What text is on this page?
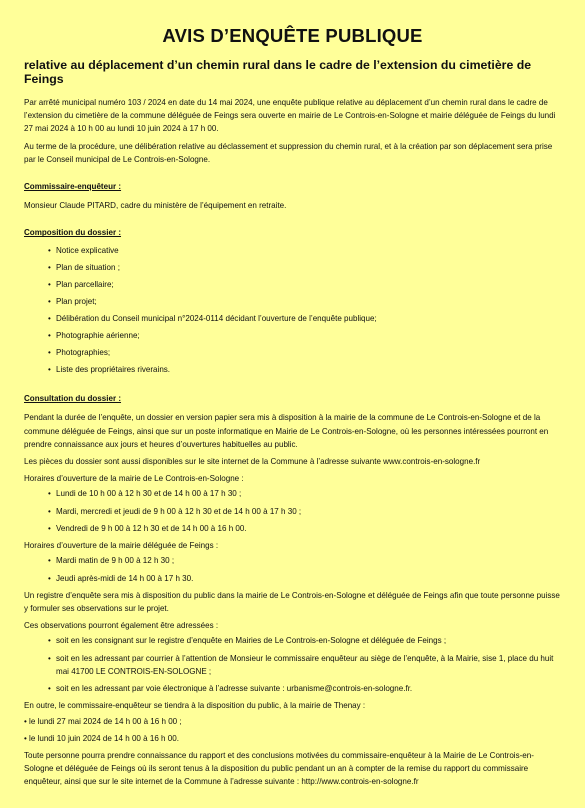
AVIS D’ENQUÊTE PUBLIQUE
relative au déplacement d’un chemin rural dans le cadre de l’extension du cimetière de Feings

Par arrêté municipal numéro 103 / 2024 en date du 14 mai 2024, une enquête publique relative au déplacement d’un chemin rural dans le cadre de l’extension du cimetière de la commune déléguée de Feings sera ouverte en mairie de Le Controis-en-Sologne et mairie déléguée de Feings du lundi 27 mai 2024 à 10 h 00 au lundi 10 juin 2024 à 17 h 00.

Au terme de la procédure, une délibération relative au déclassement et suppression du chemin rural, et à la création par son déplacement sera prise par le Conseil municipal de Le Controis-en-Sologne.

Commissaire-enquêteur :

Monsieur Claude PITARD, cadre du ministère de l’équipement en retraite.

Composition du dossier :
• Notice explicative
• Plan de situation ;
• Plan parcellaire;
• Plan projet;
• Délibération du Conseil municipal n°2024-0114 décidant l’ouverture de l’enquête publique;
• Photographie aérienne;
• Photographies;
• Liste des propriétaires riverains.
Consultation du dossier :

Pendant la durée de l’enquête, un dossier en version papier sera mis à disposition à la mairie de la commune de Le Controis-en-Sologne et de la commune déléguée de Feings, ainsi que sur un poste informatique en Mairie de Le Controis-en-Sologne, où les personnes intéressées pourront en prendre connaissance aux jours et heures d’ouvertures habituelles au public.

Les pièces du dossier sont aussi disponibles sur le site internet de la Commune à l’adresse suivante www.controis-en-sologne.fr

Horaires d’ouverture de la mairie de Le Controis-en-Sologne :

• Lundi de 10 h 00 à 12 h 30 et de 14 h 00 à 17 h 30 ;
• Mardi, mercredi et jeudi de 9 h 00 à 12 h 30 et de 14 h 00 à 17 h 30 ;
• Vendredi de 9 h 00 à 12 h 30 et de 14 h 00 à 16 h 00.

Horaires d’ouverture de la mairie déléguée de Feings :

• Mardi matin de 9 h 00 à 12 h 30 ;
• Jeudi après-midi de 14 h 00 à 17 h 30.

Un registre d’enquête sera mis à disposition du public dans la mairie de Le Controis-en-Sologne et déléguée de Feings afin que toute personne puisse y formuler ses observations sur le projet.

Ces observations pourront également être adressées :

• soit en les consignant sur le registre d’enquête en Mairies de Le Controis-en-Sologne et déléguée de Feings ;
• soit en les adressant par courrier à l’attention de Monsieur le commissaire enquêteur au siège de l’enquête, à la Mairie, sise 1, place du huit mai 41700 LE CONTROIS-EN-SOLOGNE ;
• soit en les adressant par voie électronique à l’adresse suivante : urbanisme@controis-en-sologne.fr.

En outre, le commissaire-enquêteur se tiendra à la disposition du public, à la mairie de Thenay :

• le lundi 27 mai 2024 de 14 h 00 à 16 h 00 ;
• le lundi 10 juin 2024 de 14 h 00 à 16 h 00.

Toute personne pourra prendre connaissance du rapport et des conclusions motivées du commissaire-enquêteur à la Mairie de Le Controis-en-Sologne et déléguée de Feings où ils seront tenus à la disposition du public pendant un an à compter de la remise du rapport du commissaire enquêteur, ainsi que sur le site internet de la Commune à l’adresse suivante : http://www.controis-en-sologne.fr
